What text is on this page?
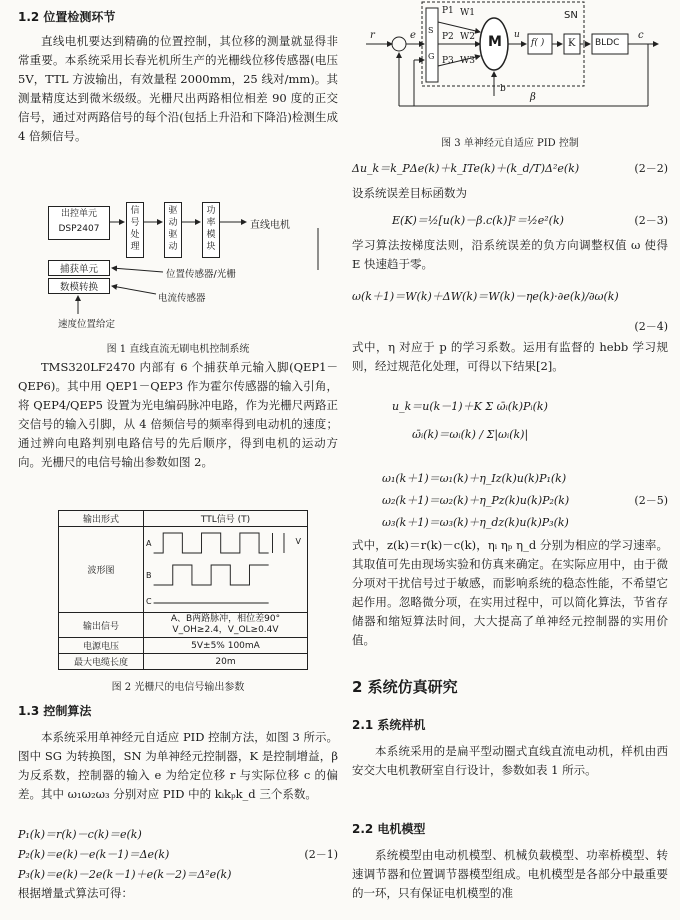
1.2 位置检测环节
直线电机要达到精确的位置控制，其位移的测量就显得非常重要。本系统采用长春光机所生产的光栅线位移传感器(电压 5V，TTL 方波输出，有效量程 2000mm，25 线对/mm)。其测量精度达到微米级级。光栅尺出两路相位相差 90 度的正交信号，通过对两路信号的每个沿(包括上升沿和下降沿)检测生成 4 倍频信号。
出控单元
DSP2407
信号处理
驱动驱动
功率模块
直线电机
捕获单元
数模转换
位置传感器/光栅
电流传感器
速度位置给定
图 1 直线直流无刷电机控制系统
TMS320LF2470 内部有 6 个捕获单元输入脚(QEP1－QEP6)。其中用 QEP1－QEP3 作为霍尔传感器的输入引角，将 QEP4/QEP5 设置为光电编码脉冲电路，作为光栅尺两路正交信号的输入引脚，从 4 倍频信号的频率得到电动机的速度；通过辨向电路判别电路信号的先后顺序，得到电机的运动方向。光栅尺的电信号输出参数如图 2。
输出形式	TTL信号 (T)
波形图	A
B
C
V

输出信号	A、B两路脉冲，相位差90°
V_OH≥2.4，V_OL≥0.4V

电源电压	5V±5% 100mA
最大电缆长度	20m
图 2 光栅尺的电信号输出参数
1.3 控制算法
本系统采用单神经元自适应 PID 控制方法，如图 3 所示。图中 SG 为转换图，SN 为单神经元控制器，K 是控制增益，β 为反系数，控制器的输入 e 为给定位移 r 与实际位移 c 的偏差。其中 ω₁ω₂ω₃ 分别对应 PID 中的 kᵢkₚk_d 三个系数。
P₁(k)＝r(k)－c(k)＝e(k)
P₂(k)＝e(k)－e(k－1)＝Δe(k)	(2－1)
P₃(k)＝e(k)－2e(k－1)＋e(k－2)＝Δ²e(k)
根据增量式算法可得：
SN
r	e S
G
P1
P2
P3
W1
W2
W3
M u
f( ) K BLDC
c
b
β
图 3 单神经元自适应 PID 控制
Δu_k＝k_PΔe(k)＋k_ITe(k)＋(k_d/T)Δ²e(k)	(2－2)
设系统误差目标函数为
E(K)＝½[u(k)－β.c(k)]²＝½e²(k)	(2－3)
学习算法按梯度法则，沿系统误差的负方向调整权值 ω 使得 E 快速趋于零。
ω(k＋1)＝W(k)＋ΔW(k)＝W(k)－ηe(k)·∂e(k)/∂ω(k)
(2－4)
式中，η 对应于 p 的学习系数。运用有监督的 hebb 学习规则，经过规范化处理，可得以下结果[2]。
u_k＝u(k－1)＋K Σ ω̄ᵢ(k)Pᵢ(k)
ω̄ᵢ(k)＝ωᵢ(k) / Σ|ωᵢ(k)|
ω₁(k＋1)＝ω₁(k)＋η_Iz(k)u(k)P₁(k)
ω₂(k＋1)＝ω₂(k)＋η_Pz(k)u(k)P₂(k)	(2－5)
ω₃(k＋1)＝ω₃(k)＋η_dz(k)u(k)P₃(k)
式中，z(k)＝r(k)－c(k)，ηᵢ ηₚ η_d 分别为相应的学习速率。其取值可先由现场实验和仿真来确定。在实际应用中，由于微分项对干扰信号过于敏感，而影响系统的稳态性能，不希望它起作用。忽略微分项，在实用过程中，可以简化算法，节省存储器和缩短算法时间，大大提高了单神经元控制器的实用价值。
2 系统仿真研究
2.1 系统样机
本系统采用的是扁平型动圈式直线直流电动机，样机由西安交大电机教研室自行设计，参数如表 1 所示。
2.2 电机模型
系统模型由电动机模型、机械负载模型、功率桥模型、转速调节器和位置调节器模型组成。电机模型是各部分中最重要的一环，只有保证电机模型的准
